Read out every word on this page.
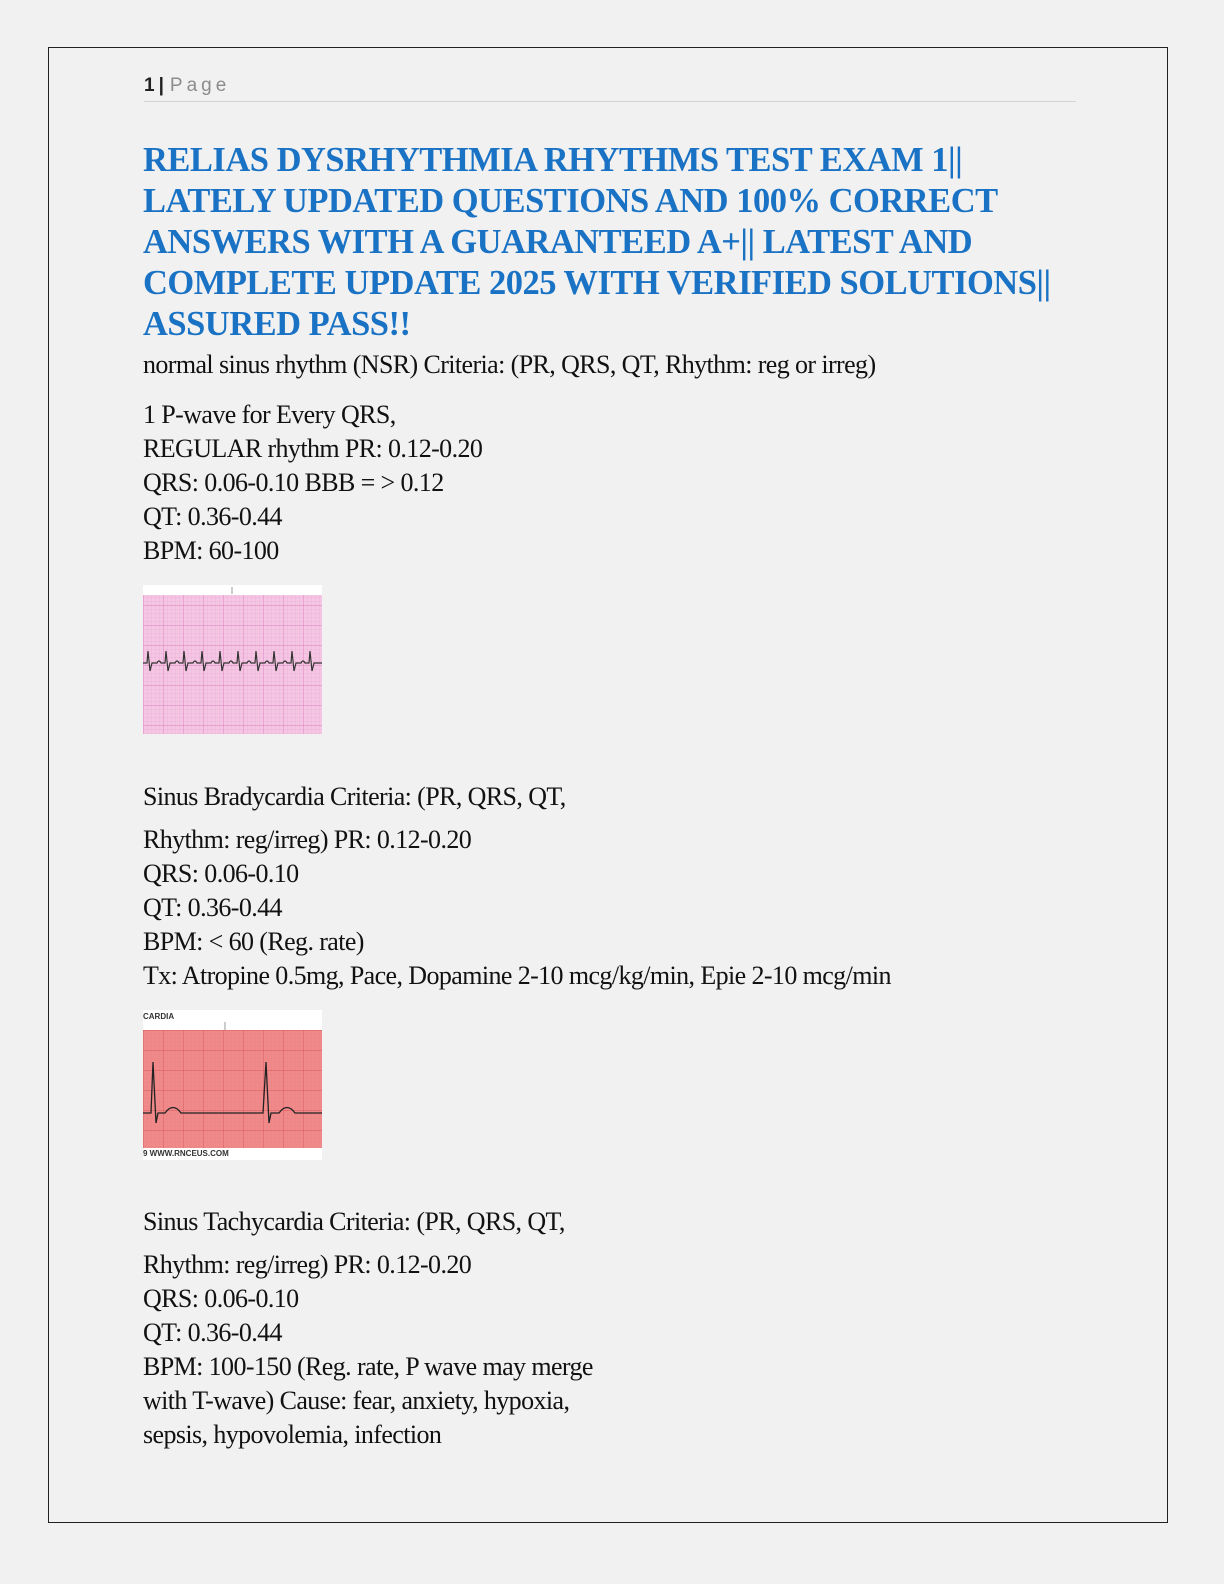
1 | Page
RELIAS DYSRHYTHMIA RHYTHMS TEST EXAM 1|| LATELY UPDATED QUESTIONS AND 100% CORRECT ANSWERS WITH A GUARANTEED A+|| LATEST AND COMPLETE UPDATE 2025 WITH VERIFIED SOLUTIONS|| ASSURED PASS!!

normal sinus rhythm (NSR) Criteria: (PR, QRS, QT, Rhythm: reg or irreg)

1 P-wave for Every QRS,
REGULAR rhythm PR: 0.12-0.20
QRS: 0.06-0.10 BBB = > 0.12
QT: 0.36-0.44
BPM: 60-100

Sinus Bradycardia Criteria: (PR, QRS, QT,

Rhythm: reg/irreg) PR: 0.12-0.20
QRS: 0.06-0.10
QT: 0.36-0.44
BPM: < 60 (Reg. rate)
Tx: Atropine 0.5mg, Pace, Dopamine 2-10 mcg/kg/min, Epie 2-10 mcg/min
CARDIA
9 WWW.RNCEUS.COM

Sinus Tachycardia Criteria: (PR, QRS, QT,

Rhythm: reg/irreg) PR: 0.12-0.20
QRS: 0.06-0.10
QT: 0.36-0.44
BPM: 100-150 (Reg. rate, P wave may merge
with T-wave) Cause: fear, anxiety, hypoxia,
sepsis, hypovolemia, infection
